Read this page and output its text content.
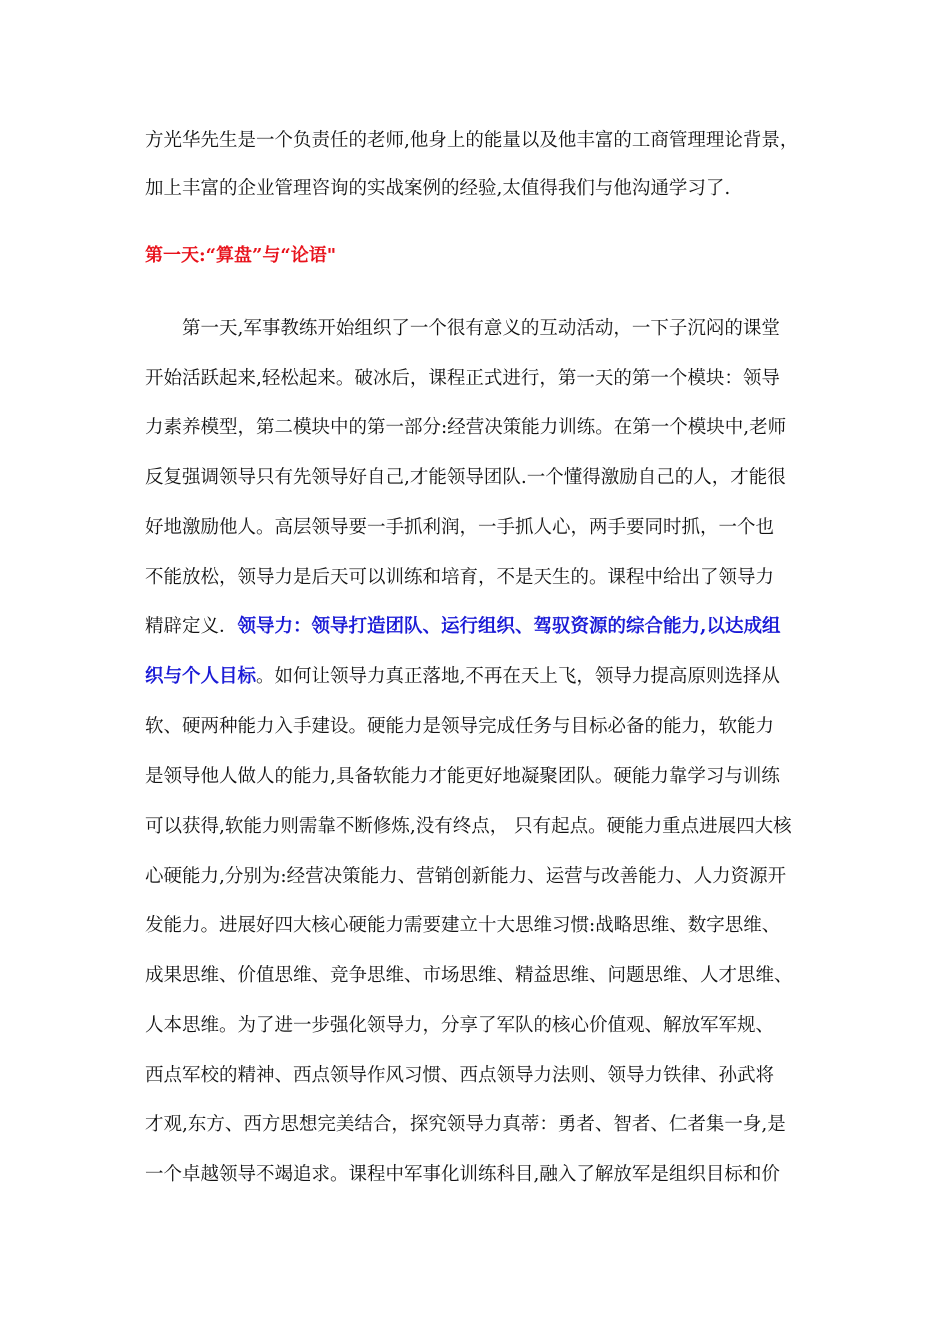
方光华先生是一个负责任的老师,他身上的能量以及他丰富的工商管理理论背景，
加上丰富的企业管理咨询的实战案例的经验,太值得我们与他沟通学习了.
第一天:“算盘”与“论语"
第一天,军事教练开始组织了一个很有意义的互动活动，一下子沉闷的课堂
开始活跃起来,轻松起来。破冰后，课程正式进行，第一天的第一个模块：领导
力素养模型，第二模块中的第一部分:经营决策能力训练。在第一个模块中,老师
反复强调领导只有先领导好自己,才能领导团队.一个懂得激励自己的人，才能很
好地激励他人。高层领导要一手抓利润，一手抓人心，两手要同时抓，一个也
不能放松，领导力是后天可以训练和培育，不是天生的。课程中给出了领导力
精辟定义．领导力：领导打造团队、运行组织、驾驭资源的综合能力,以达成组
织与个人目标。如何让领导力真正落地,不再在天上飞，领导力提高原则选择从
软、硬两种能力入手建设。硬能力是领导完成任务与目标必备的能力，软能力
是领导他人做人的能力,具备软能力才能更好地凝聚团队。硬能力靠学习与训练
可以获得,软能力则需靠不断修炼,没有终点， 只有起点。硬能力重点进展四大核
心硬能力,分别为:经营决策能力、营销创新能力、运营与改善能力、人力资源开
发能力。进展好四大核心硬能力需要建立十大思维习惯:战略思维、数字思维、
成果思维、价值思维、竞争思维、市场思维、精益思维、问题思维、人才思维、
人本思维。为了进一步强化领导力，分享了军队的核心价值观、解放军军规、
西点军校的精神、西点领导作风习惯、西点领导力法则、领导力铁律、孙武将
才观,东方、西方思想完美结合，探究领导力真蒂：勇者、智者、仁者集一身,是
一个卓越领导不竭追求。课程中军事化训练科目,融入了解放军是组织目标和价
